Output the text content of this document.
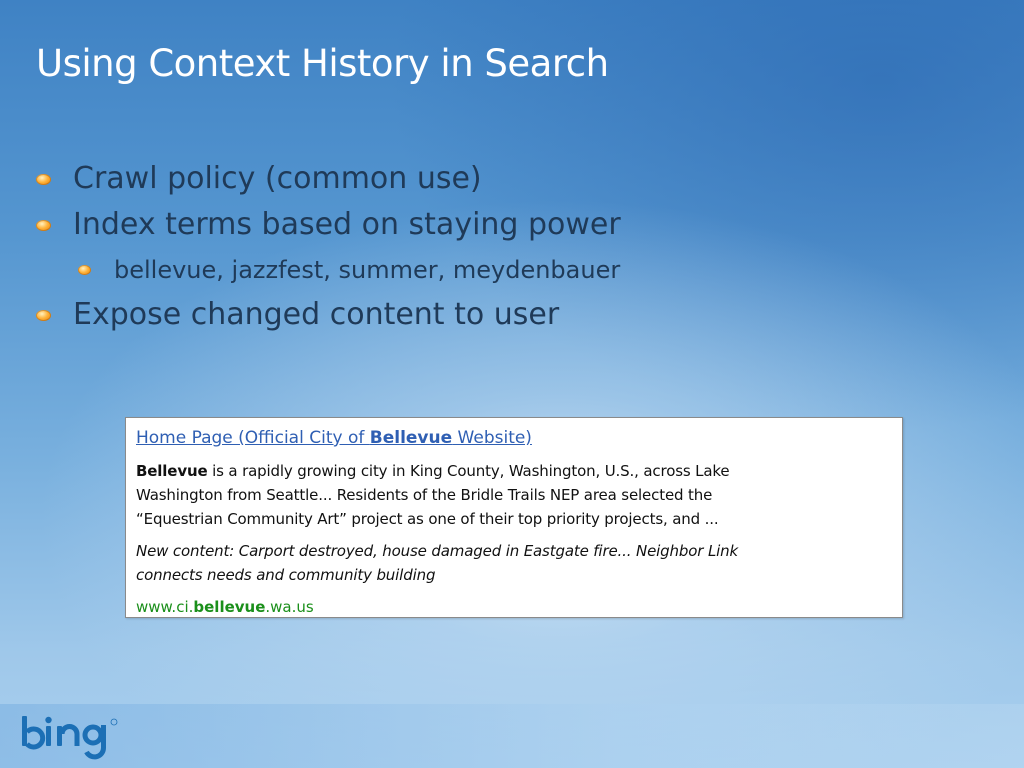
Using Context History in Search
Crawl policy (common use)
Index terms based on staying power
bellevue, jazzfest, summer, meydenbauer
Expose changed content to user
Home Page (Official City of Bellevue Website)

Bellevue is a rapidly growing city in King County, Washington, U.S., across Lake
Washington from Seattle... Residents of the Bridle Trails NEP area selected the
“Equestrian Community Art” project as one of their top priority projects, and ...

New content: Carport destroyed, house damaged in Eastgate fire... Neighbor Link
connects needs and community building

www.ci.bellevue.wa.us
